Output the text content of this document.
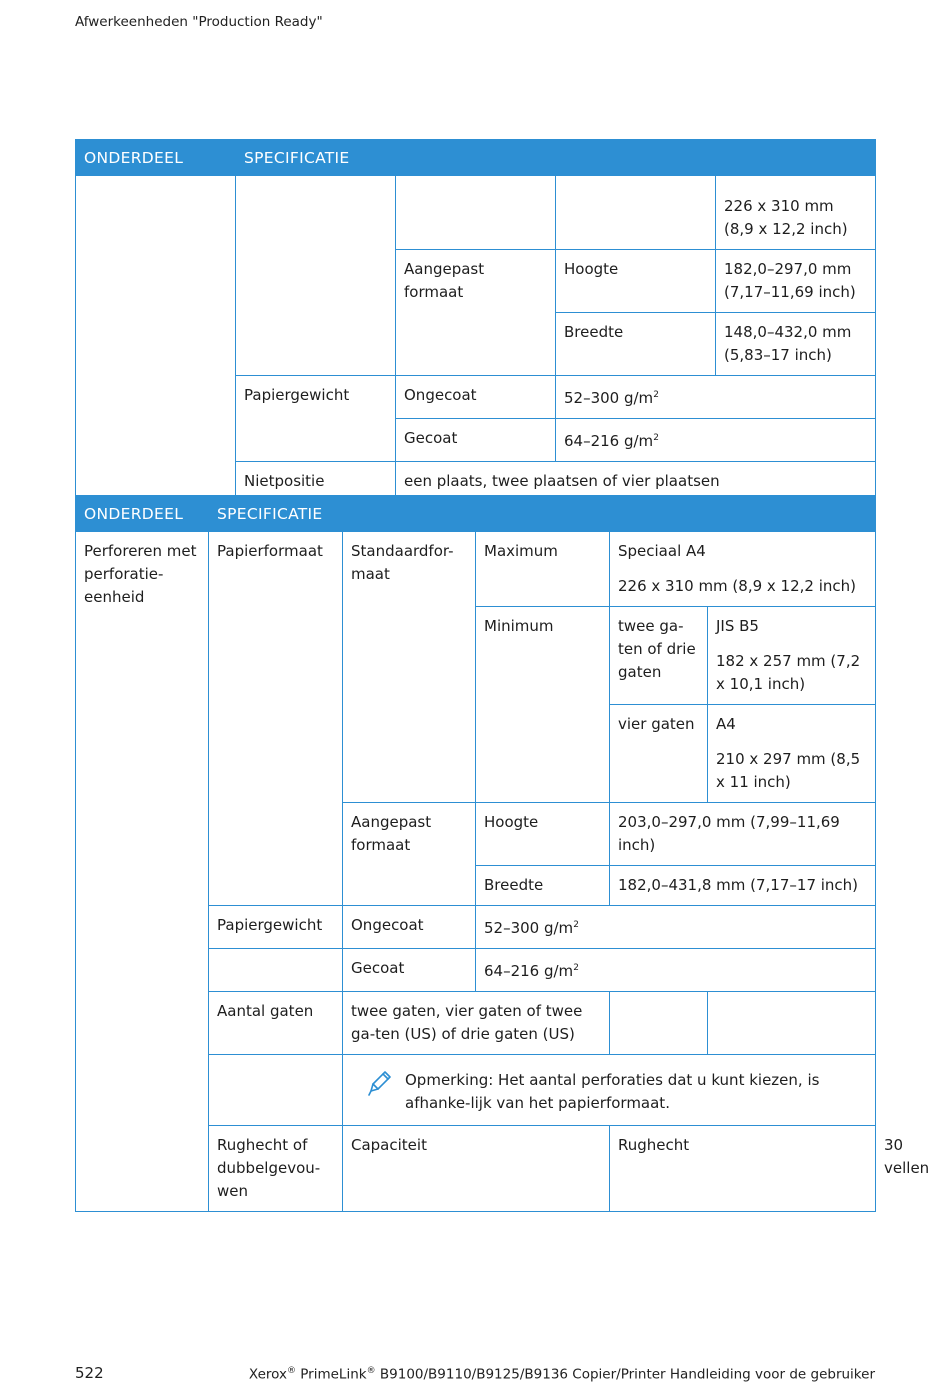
Afwerkeenheden "Production Ready"
ONDERDEEL	SPECIFICATIE			
				226 x 310 mm (8,9 x 12,2 inch)
		Aangepast formaat	Hoogte	182,0–297,0 mm (7,17–11,69 inch)
			Breedte	148,0–432,0 mm (5,83–17 inch)
	Papiergewicht	Ongecoat	52–300 $g/m^2$
		Gecoat	64–216 $g/m^2$
	Nietpositie	een plaats, twee plaatsen of vier plaatsen		
ONDERDEEL	SPECIFICATIE					
Perforeren met perforatie-eenheid	Papierformaat	Standaardfor-maat	Maximum	Speciaal A4
226 x 310 mm (8,9 x 12,2 inch)		

			Minimum	twee ga-ten of drie gaten	JIS B5
182 x 257 mm (7,2 x 10,1 inch)	

				vier gaten	A4
210 x 297 mm (8,5 x 11 inch)	

		Aangepast formaat	Hoogte	203,0–297,0 mm (7,99–11,69 inch)		
			Breedte	182,0–431,8 mm (7,17–17 inch)		
	Papiergewicht	Ongecoat	52–300 $g/m^2$
		Gecoat	64–216 $g/m^2$
	Aantal gaten	twee gaten, vier gaten of twee ga-ten (US) of drie gaten (US)				

		Opmerking: Het aantal perforaties dat u kunt kiezen, is afhanke-lijk van het papierformaat.				

	Rughecht of dubbelgevou-wen	Capaciteit		Rughecht		30 vellen
522	Xerox® PrimeLink® B9100/B9110/B9125/B9136 Copier/Printer Handleiding voor de gebruiker
